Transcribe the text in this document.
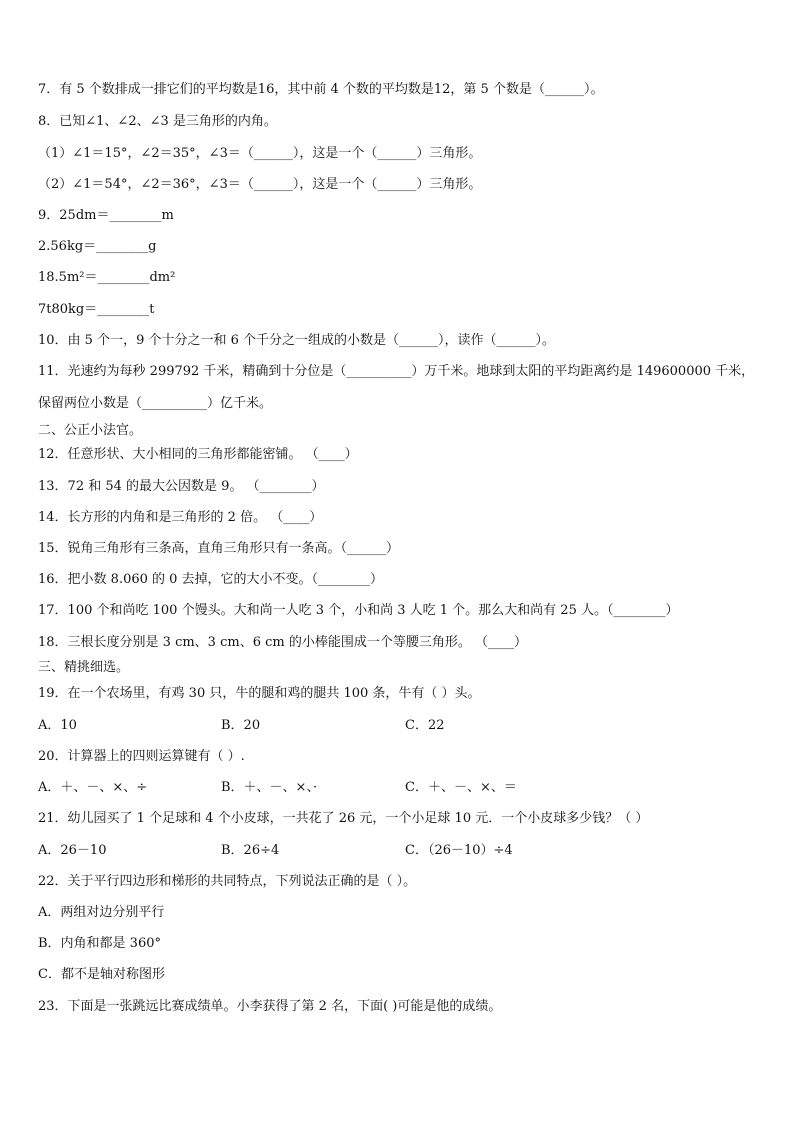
7．有 5 个数排成一排它们的平均数是16，其中前 4 个数的平均数是12，第 5 个数是（______）。
8．已知∠1、∠2、∠3 是三角形的内角。
（1）∠1＝15°，∠2＝35°，∠3＝（______），这是一个（______）三角形。
（2）∠1＝54°，∠2＝36°，∠3＝（______），这是一个（______）三角形。
9．25dm＝________m
2.56kg＝________g
18.5m²＝________dm²
7t80kg＝________t
10．由 5 个一，9 个十分之一和 6 个千分之一组成的小数是（______），读作（______）。
11．光速约为每秒 299792 千米，精确到十分位是（__________）万千米。地球到太阳的平均距离约是 149600000 千米，
保留两位小数是（__________）亿千米。
二、公正小法官。
12．任意形状、大小相同的三角形都能密铺。 （____）
13．72 和 54 的最大公因数是 9。 （________）
14．长方形的内角和是三角形的 2 倍。 （____）
15．锐角三角形有三条高，直角三角形只有一条高。（______）
16．把小数 8.060 的 0 去掉，它的大小不变。（________）
17．100 个和尚吃 100 个馒头。大和尚一人吃 3 个，小和尚 3 人吃 1 个。那么大和尚有 25 人。（________）
18．三根长度分别是 3 cm、3 cm、6 cm 的小棒能围成一个等腰三角形。 （____）
三、精挑细选。
19．在一个农场里，有鸡 30 只，牛的腿和鸡的腿共 100 条，牛有（ ）头。
A．10	B．20	C．22
20．计算器上的四则运算键有（ ）.
A．＋、－、×、÷	B．＋、－、×、·	C．＋、－、×、＝
21．幼儿园买了 1 个足球和 4 个小皮球，一共花了 26 元，一个小足球 10 元．一个小皮球多少钱？（ ）
A．26－10	B．26÷4	C．（26－10）÷4
22．关于平行四边形和梯形的共同特点，下列说法正确的是（ ）。
A．两组对边分别平行
B．内角和都是 360°
C．都不是轴对称图形
23．下面是一张跳远比赛成绩单。小李获得了第 2 名，下面( )可能是他的成绩。
